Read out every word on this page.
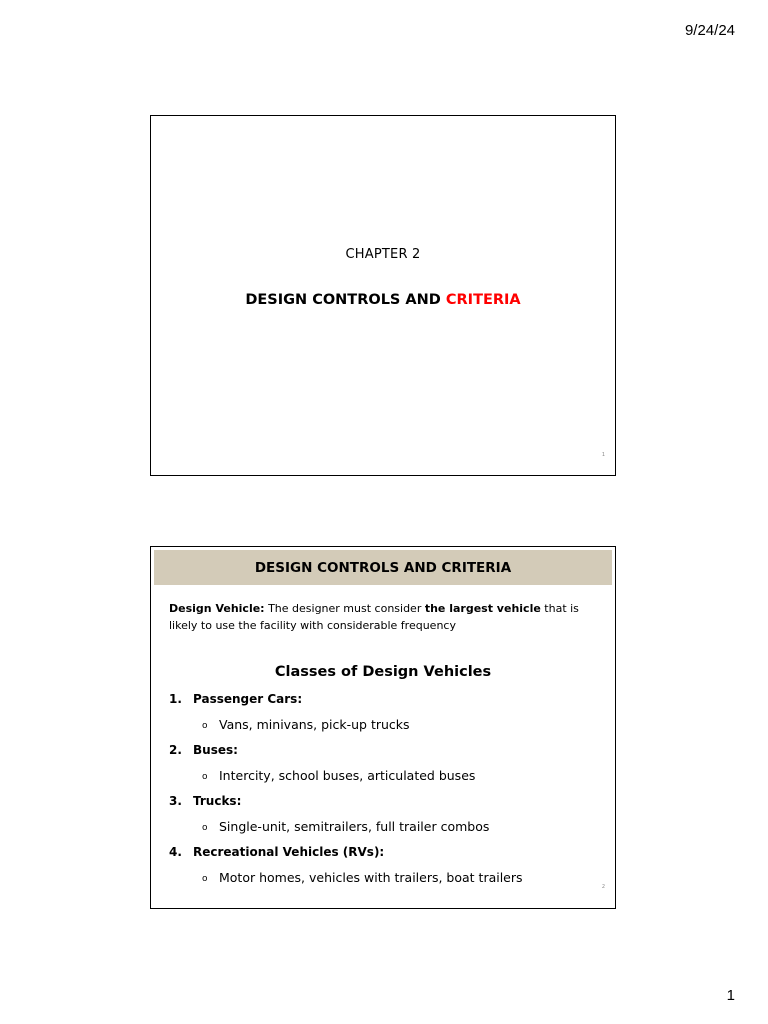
9/24/24
CHAPTER 2
DESIGN CONTROLS AND CRITERIA
1
DESIGN CONTROLS AND CRITERIA
Design Vehicle: The designer must consider the largest vehicle that is likely to use the facility with considerable frequency
Classes of Design Vehicles
1. Passenger Cars:
o Vans, minivans, pick-up trucks
2. Buses:
o Intercity, school buses, articulated buses
3. Trucks:
o Single-unit, semitrailers, full trailer combos
4. Recreational Vehicles (RVs):
o Motor homes, vehicles with trailers, boat trailers
2
1
